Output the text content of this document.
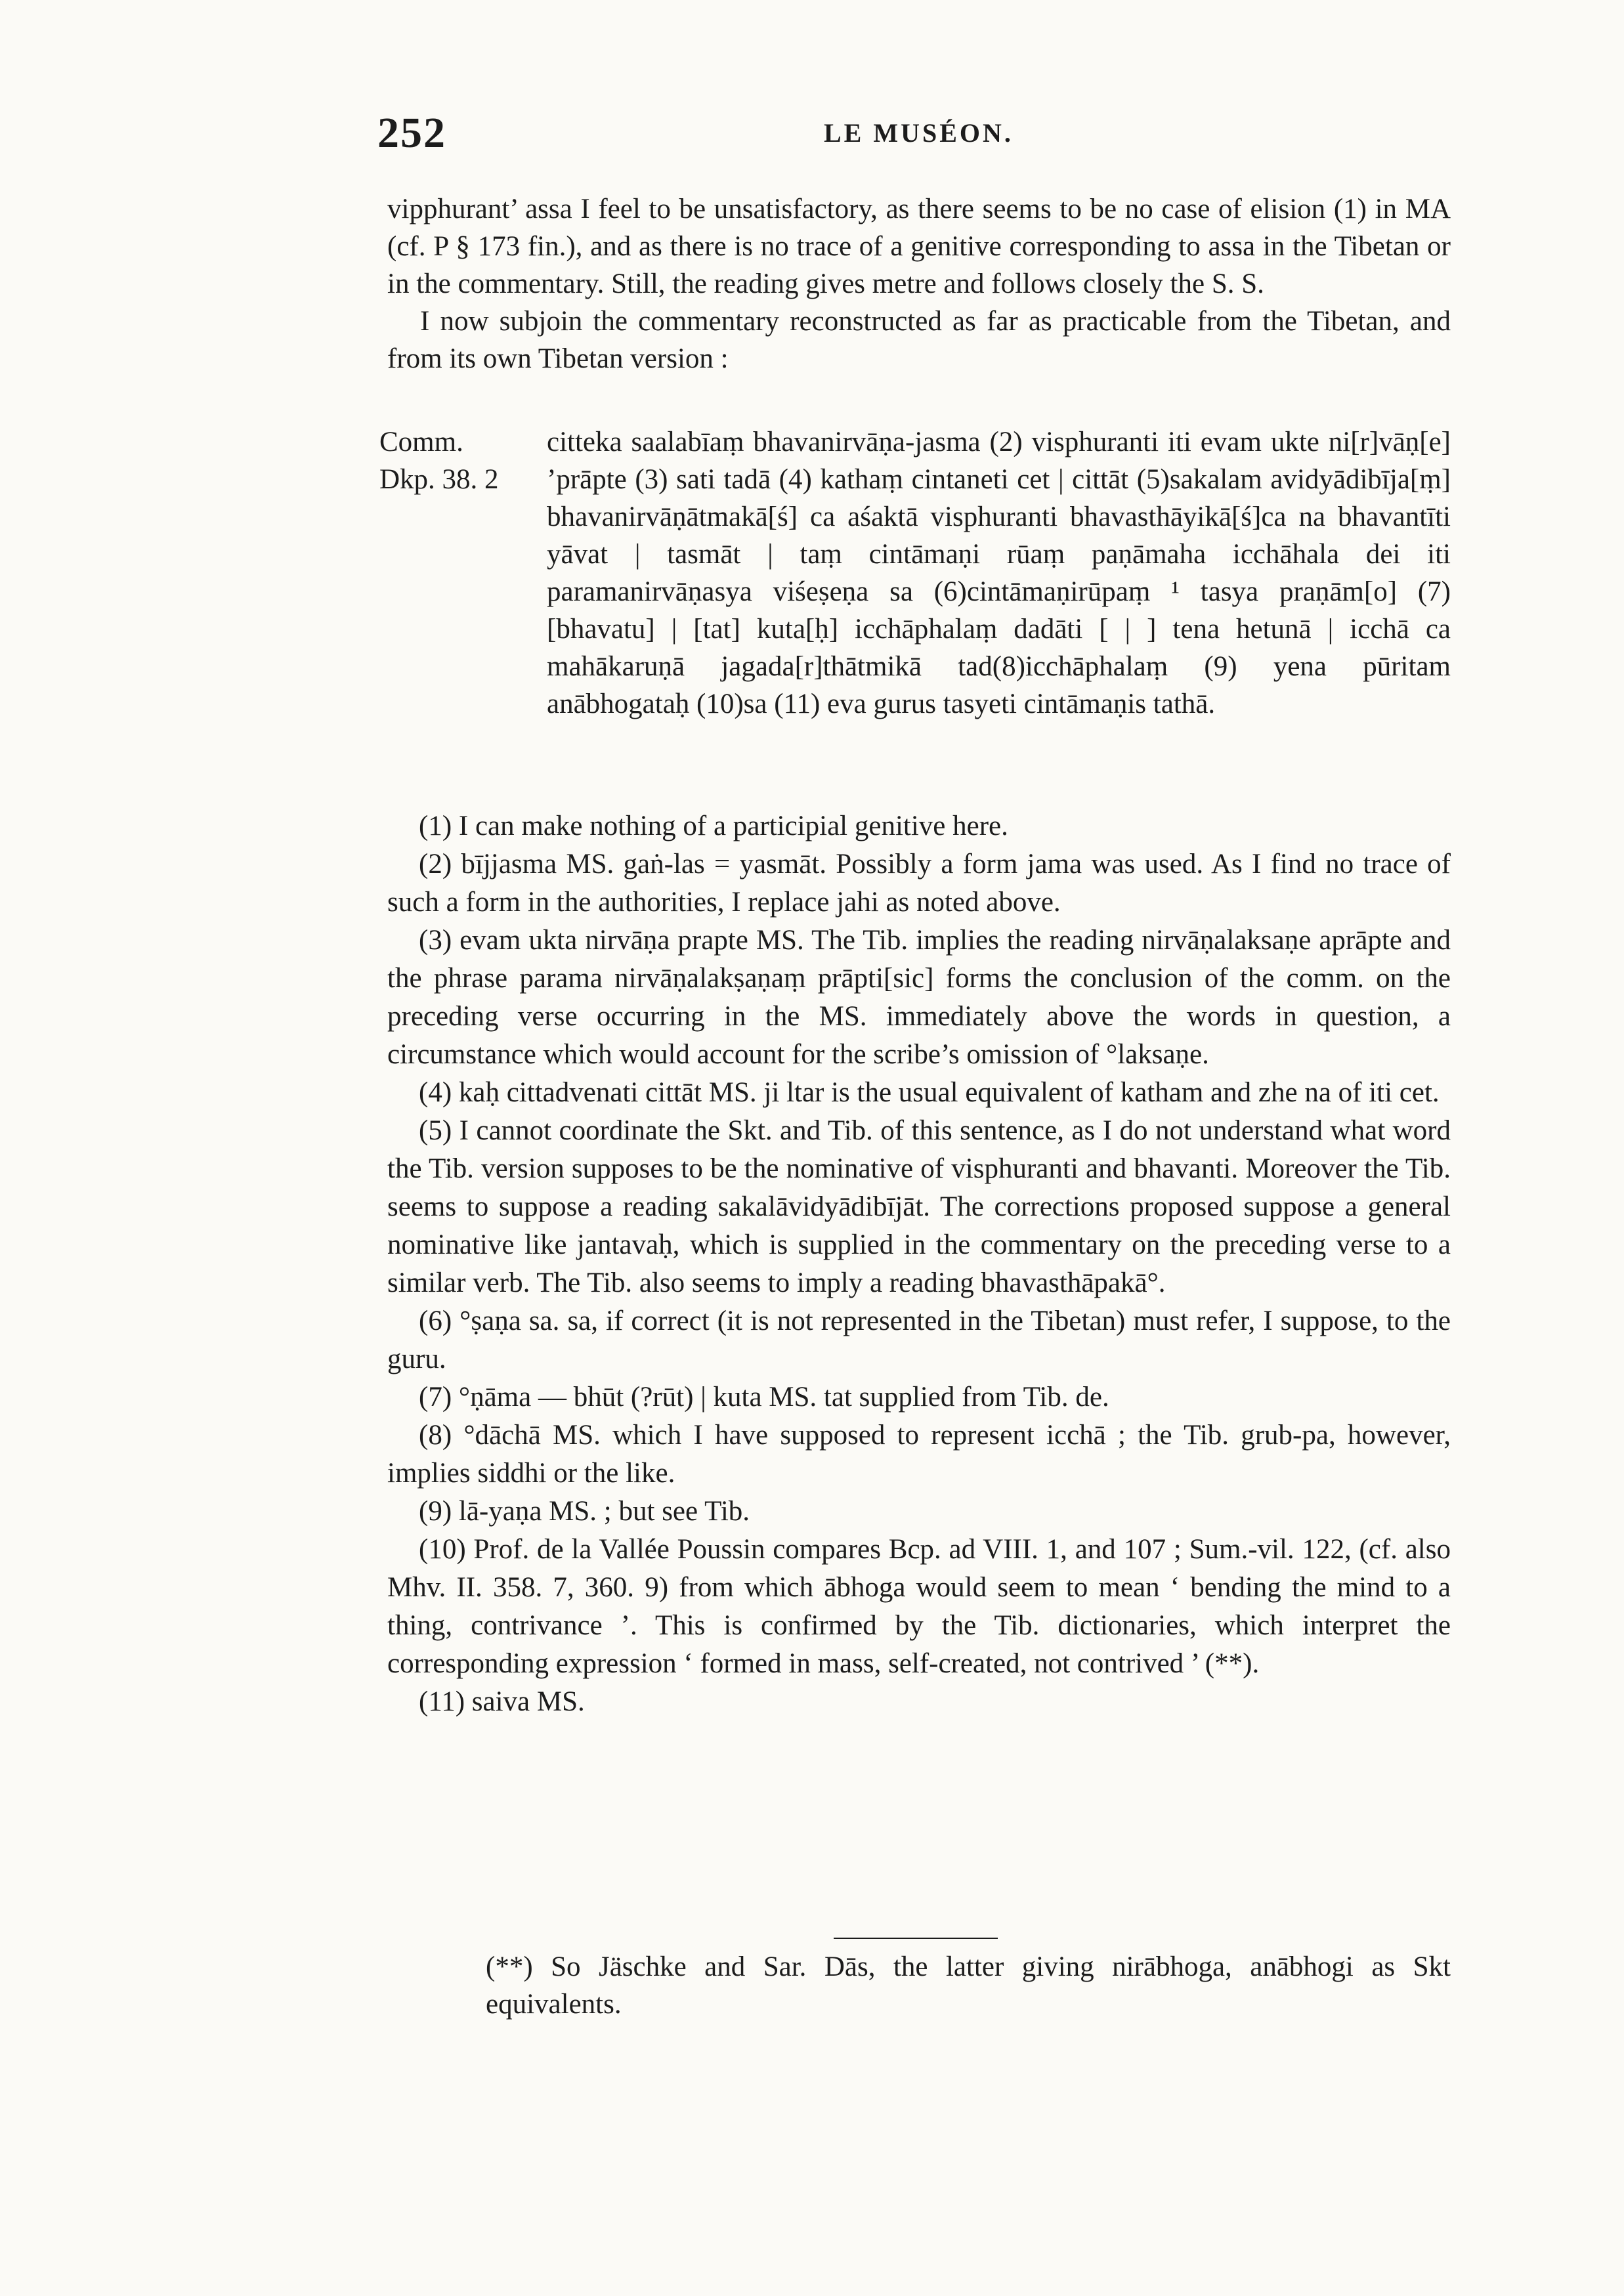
252	LE MUSÉON.

vipphurant’ assa I feel to be unsatisfactory, as there seems to be no case of elision (1) in MA (cf. P § 173 fin.), and as there is no trace of a genitive corresponding to assa in the Tibetan or in the commentary. Still, the reading gives metre and follows closely the S. S.

I now subjoin the commentary reconstructed as far as practicable from the Tibetan, and from its own Tibetan version :

Comm.
Dkp. 38. 2
citteka saalabīaṃ bhavanirvāṇa-jasma (2) visphuranti iti evam ukte ni[r]vāṇ[e] ’prāpte (3) sati tadā (4) kathaṃ cintaneti cet | cittāt (5)sakalam avidyādibīja[ṃ] bhavanirvāṇātmakā[ś] ca aśaktā visphuranti bhavasthāyikā[ś]ca na bhavantīti yāvat | tasmāt | taṃ cintāmaṇi rūaṃ paṇāmaha icchāhala dei iti paramanirvāṇasya viśeṣeṇa sa (6)cintāmaṇirūpaṃ ¹ tasya praṇām[o] (7) [bhavatu] | [tat] kuta[ḥ] icchāphalaṃ dadāti [ | ] tena hetunā | icchā ca mahākaruṇā jagada[r]thātmikā tad(8)icchāphalaṃ (9) yena pūritam anābhogataḥ (10)sa (11) eva gurus tasyeti cintāmaṇis tathā.

(1) I can make nothing of a participial genitive here.

(2) bījjasma MS. gaṅ-las = yasmāt. Possibly a form jama was used. As I find no trace of such a form in the authorities, I replace jahi as noted above.

(3) evam ukta nirvāṇa prapte MS. The Tib. implies the reading nirvāṇalaksaṇe aprāpte and the phrase parama nirvāṇalakṣaṇaṃ prāpti[sic] forms the conclusion of the comm. on the preceding verse occurring in the MS. immediately above the words in question, a circumstance which would account for the scribe’s omission of °laksaṇe.

(4) kaḥ cittadvenati cittāt MS. ji ltar is the usual equivalent of katham and zhe na of iti cet.

(5) I cannot coordinate the Skt. and Tib. of this sentence, as I do not understand what word the Tib. version supposes to be the nominative of visphuranti and bhavanti. Moreover the Tib. seems to suppose a reading sakalāvidyādibījāt. The corrections proposed suppose a general nominative like jantavaḥ, which is supplied in the commentary on the preceding verse to a similar verb. The Tib. also seems to imply a reading bhavasthāpakā°.

(6) °ṣaṇa sa. sa, if correct (it is not represented in the Tibetan) must refer, I suppose, to the guru.

(7) °ṇāma — bhūt (?rūt) | kuta MS. tat supplied from Tib. de.

(8) °dāchā MS. which I have supposed to represent icchā ; the Tib. grub-pa, however, implies siddhi or the like.

(9) lā-yaṇa MS. ; but see Tib.

(10) Prof. de la Vallée Poussin compares Bcp. ad VIII. 1, and 107 ; Sum.-vil. 122, (cf. also Mhv. II. 358. 7, 360. 9) from which ābhoga would seem to mean ‘ bending the mind to a thing, contrivance ’. This is confirmed by the Tib. dictionaries, which interpret the corresponding expression ‘ formed in mass, self-created, not contrived ’ (**).

(11) saiva MS.

(**) So Jäschke and Sar. Dās, the latter giving nirābhoga, anābhogi as Skt equivalents.
